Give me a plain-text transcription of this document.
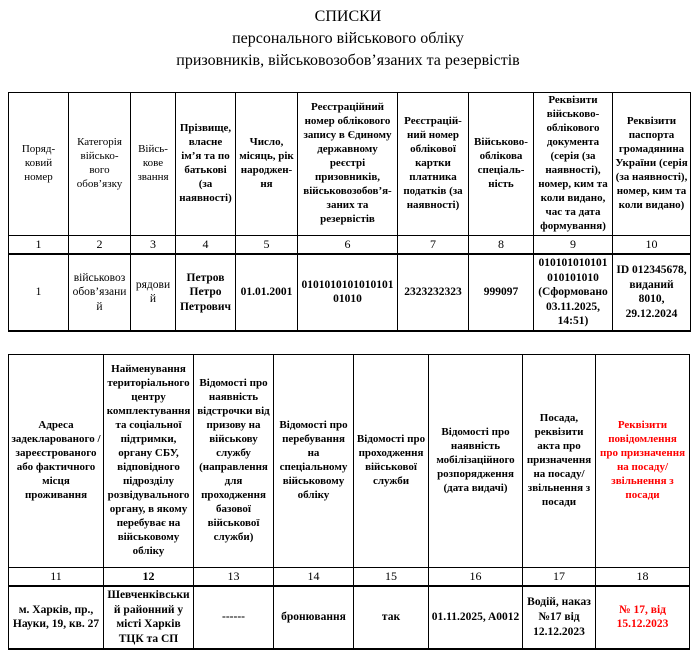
СПИСКИ
персонального військового обліку
призовників, військовозобов’язаних та резервістів
Поряд-ковий номер	Категорія військо-вого обов’язку	Війсь-кове звання	Прізвище, власне ім’я та по батькові (за наявності)	Число, місяць, рік народжен-ня	Реєстраційний номер облікового запису в Єдиному державному реєстрі призовників, військовозобов’я-заних та резервістів	Реєстрацій-ний номер облікової картки платника податків (за наявності)	Військово-облікова спеціаль-ність	Реквізити військово-облікового документа (серія (за наявності), номер, ким та коли видано, час та дата формування)	Реквізити паспорта громадянина України (серія (за наявності), номер, ким та коли видано)
1	2	3	4	5	6	7	8	9	10
1	військовозобов’язаний	рядовий	Петров Петро Петрович	01.01.2001	010101010101010101010	2323232323	999097	010101010101010101010 (Сформовано 03.11.2025, 14:51)	ID 012345678, виданий 8010, 29.12.2024
Адреса задекларованого / зареєстрованого або фактичного місця проживання	Найменування територіального центру комплектування та соціальної підтримки, органу СБУ, відповідного підрозділу розвідувального органу, в якому перебуває на військовому обліку	Відомості про наявність відстрочки від призову на військову службу (направлення для проходження базової військової служби)	Відомості про перебування на спеціальному військовому обліку	Відомості про проходження військової служби	Відомості про наявність мобілізаційного розпорядження (дата видачі)	Посада, реквізити акта про призначення на посаду/ звільнення з посади	Реквізити повідомлення про призначення на посаду/ звільнення з посади
11	12	13	14	15	16	17	18
м. Харків, пр., Науки, 19, кв. 27	Шевченківський районний у місті Харків ТЦК та СП	------	бронювання	так	01.11.2025, A0012	Водій, наказ №17 від 12.12.2023	№ 17, від 15.12.2023
